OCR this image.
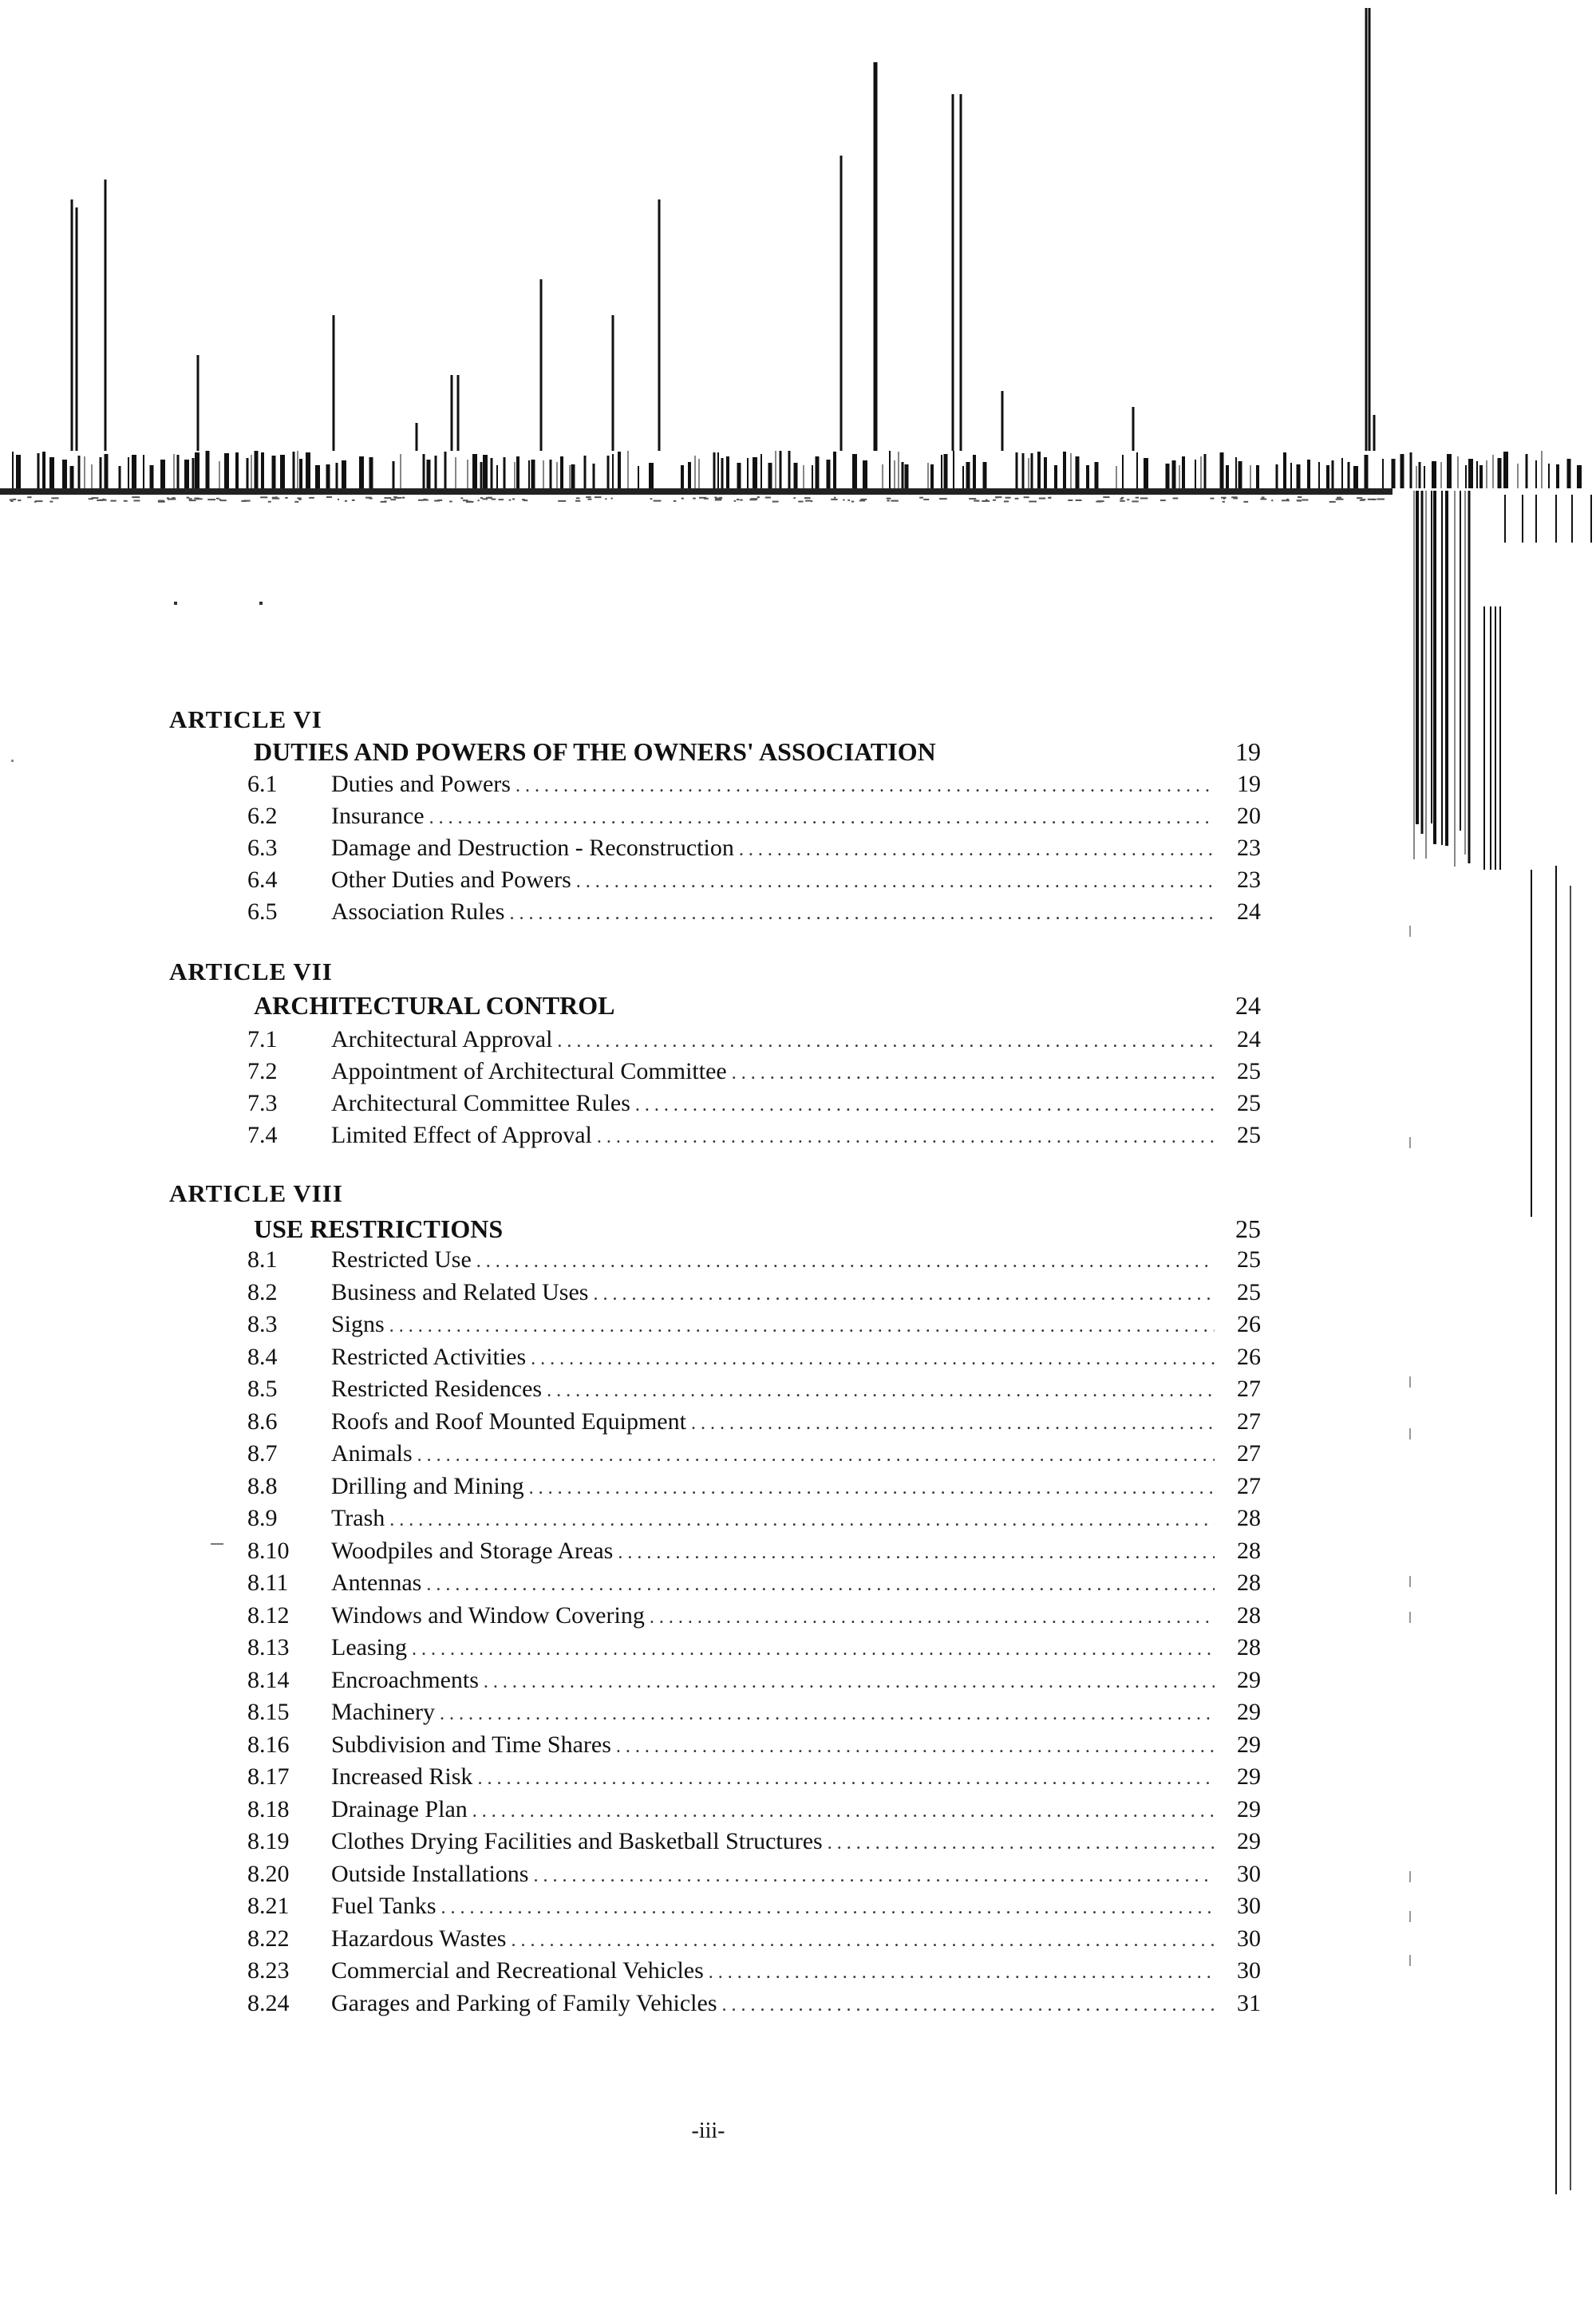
ARTICLE VI
DUTIES AND POWERS OF THE OWNERS' ASSOCIATION	19
6.1	Duties and Powers . . .	19
6.2	Insurance . . .	20
6.3	Damage and Destruction - Reconstruction . . .	23
6.4	Other Duties and Powers . . .	23
6.5	Association Rules . . .	24
ARTICLE VII
ARCHITECTURAL CONTROL	24
7.1	Architectural Approval . . .	24
7.2	Appointment of Architectural Committee . . .	25
7.3	Architectural Committee Rules . . .	25
7.4	Limited Effect of Approval . . .	25
ARTICLE VIII
USE RESTRICTIONS	25
8.1	Restricted Use . . .	25
8.2	Business and Related Uses . . .	25
8.3	Signs . . .	26
8.4	Restricted Activities . . .	26
8.5	Restricted Residences . . .	27
8.6	Roofs and Roof Mounted Equipment . . .	27
8.7	Animals . . .	27
8.8	Drilling and Mining . . .	27
8.9	Trash . . .	28
8.10	Woodpiles and Storage Areas . . .	28
8.11	Antennas . . .	28
8.12	Windows and Window Covering . . .	28
8.13	Leasing . . .	28
8.14	Encroachments . . .	29
8.15	Machinery . . .	29
8.16	Subdivision and Time Shares . . .	29
8.17	Increased Risk . . .	29
8.18	Drainage Plan . . .	29
8.19	Clothes Drying Facilities and Basketball Structures . . .	29
8.20	Outside Installations . . .	30
8.21	Fuel Tanks . . .	30
8.22	Hazardous Wastes . . .	30
8.23	Commercial and Recreational Vehicles . . .	30
8.24	Garages and Parking of Family Vehicles . . .	31
-iii-
